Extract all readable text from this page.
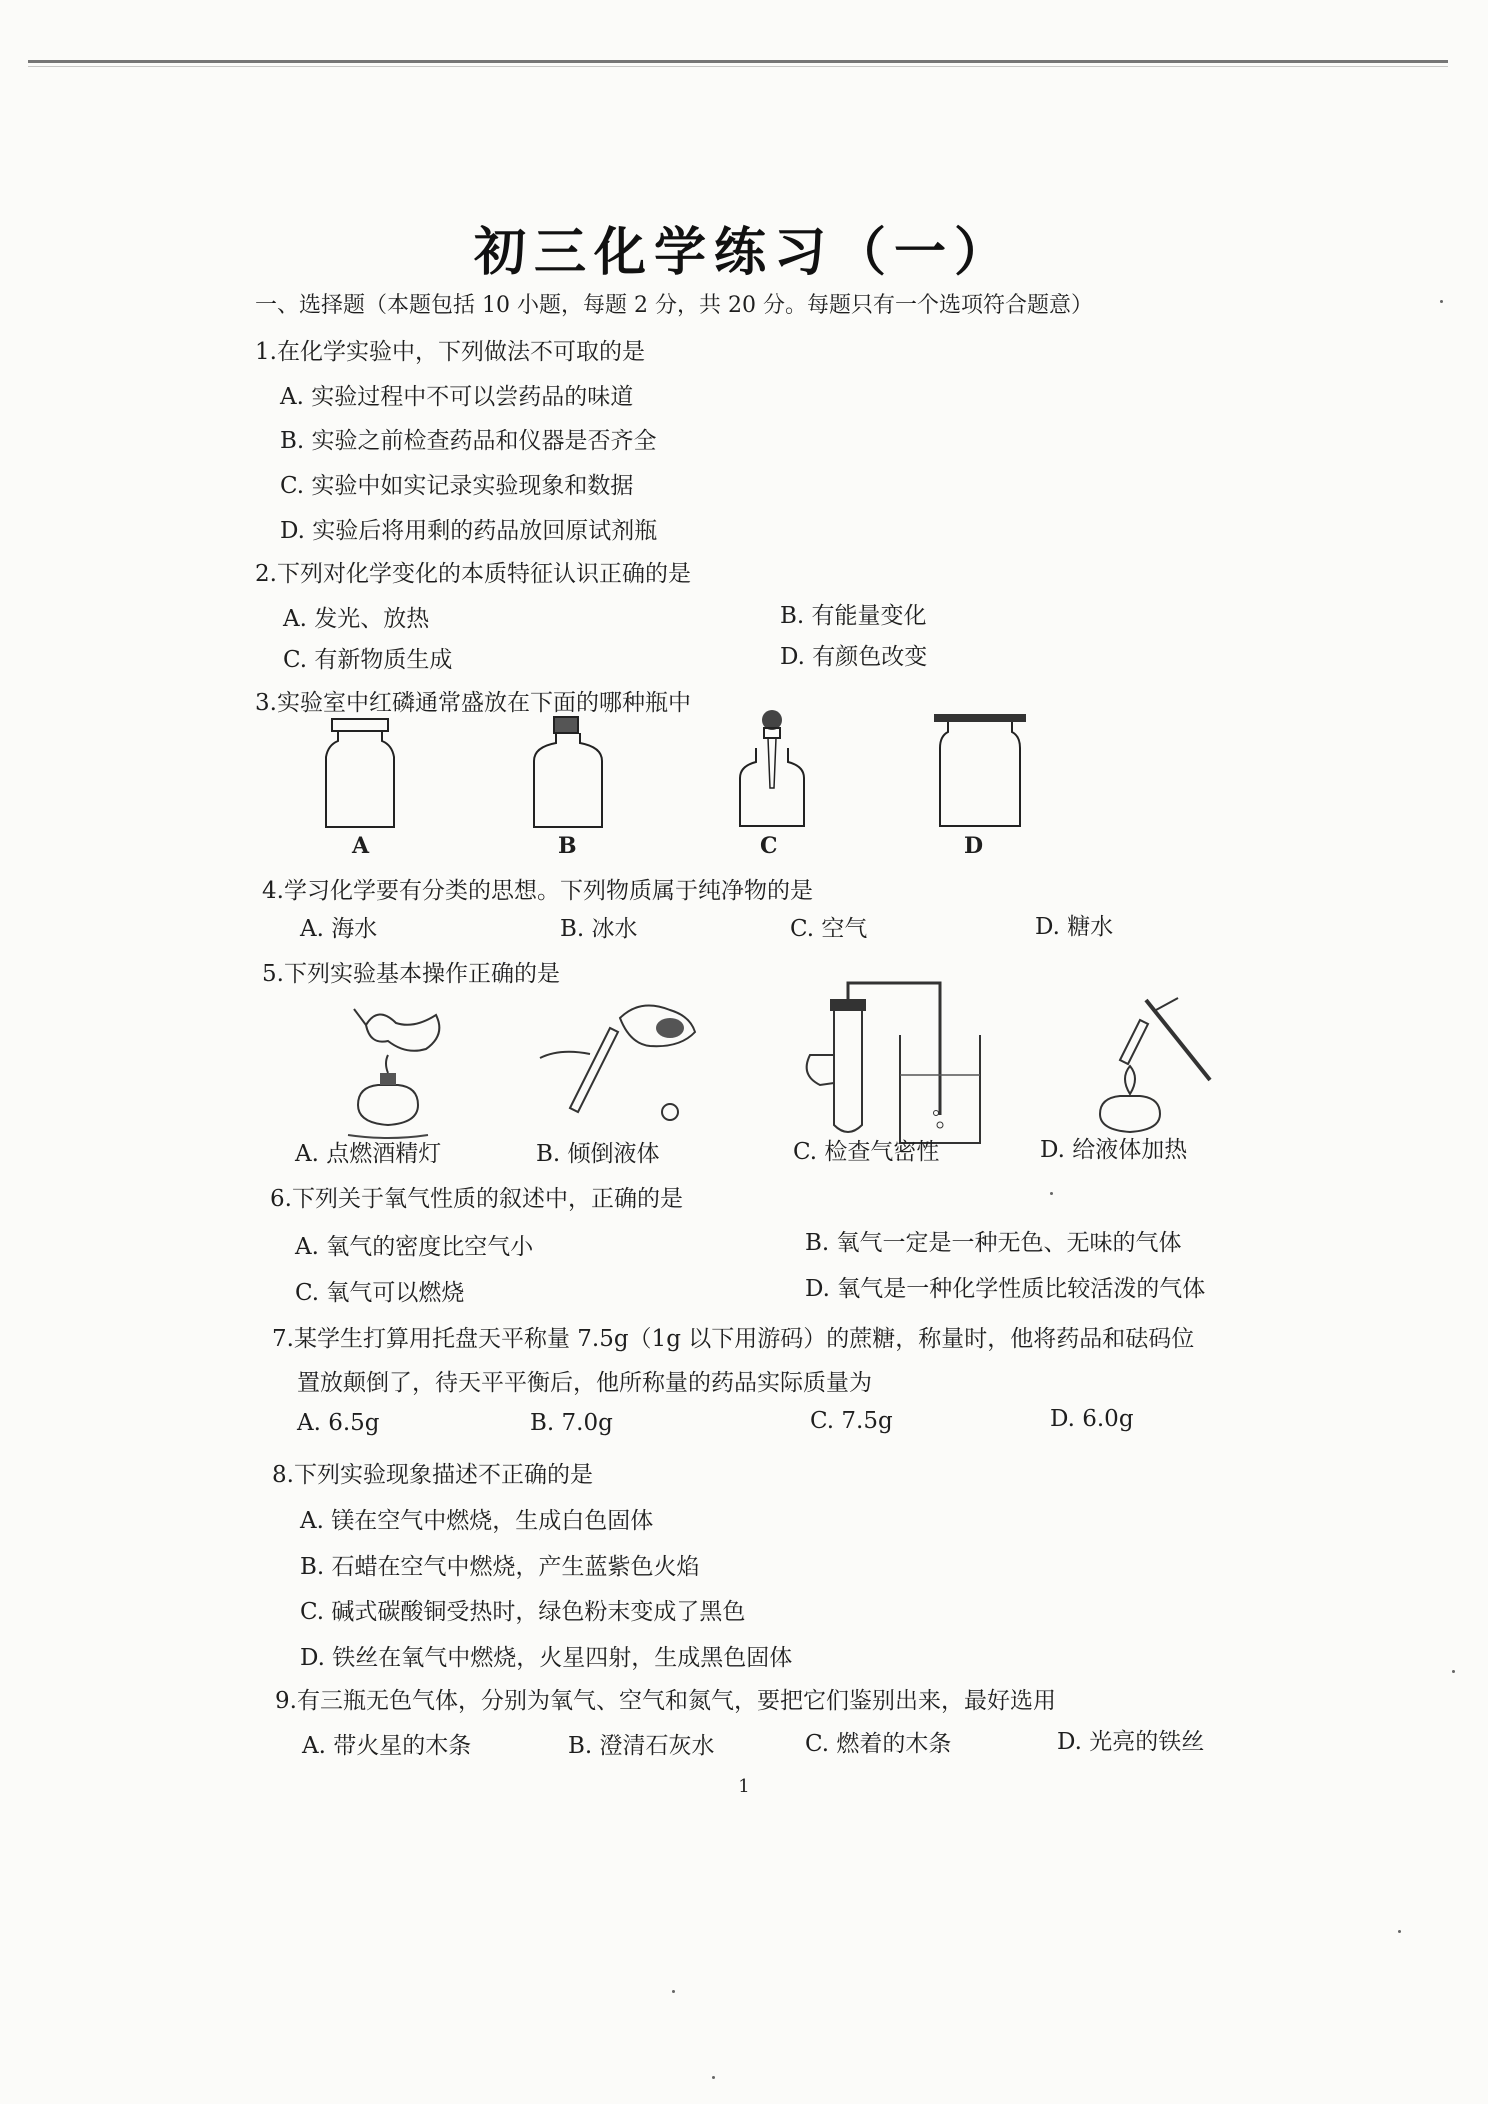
初三化学练习（一）
一、选择题（本题包括 10 小题，每题 2 分，共 20 分。每题只有一个选项符合题意）
1.在化学实验中，下列做法不可取的是
A. 实验过程中不可以尝药品的味道
B. 实验之前检查药品和仪器是否齐全
C. 实验中如实记录实验现象和数据
D. 实验后将用剩的药品放回原试剂瓶
2.下列对化学变化的本质特征认识正确的是
A. 发光、放热	B. 有能量变化
C. 有新物质生成	D. 有颜色改变
3.实验室中红磷通常盛放在下面的哪种瓶中
A	B	C	D
4.学习化学要有分类的思想。下列物质属于纯净物的是
A. 海水	B. 冰水	C. 空气	D. 糖水
5.下列实验基本操作正确的是
A. 点燃酒精灯	B. 倾倒液体	C. 检查气密性	D. 给液体加热
6.下列关于氧气性质的叙述中，正确的是
A. 氧气的密度比空气小	B. 氧气一定是一种无色、无味的气体
C. 氧气可以燃烧	D. 氧气是一种化学性质比较活泼的气体
7.某学生打算用托盘天平称量 7.5g（1g 以下用游码）的蔗糖，称量时，他将药品和砝码位
置放颠倒了，待天平平衡后，他所称量的药品实际质量为
A. 6.5g	B. 7.0g	C. 7.5g	D. 6.0g
8.下列实验现象描述不正确的是
A. 镁在空气中燃烧，生成白色固体
B. 石蜡在空气中燃烧，产生蓝紫色火焰
C. 碱式碳酸铜受热时，绿色粉末变成了黑色
D. 铁丝在氧气中燃烧，火星四射，生成黑色固体
9.有三瓶无色气体，分别为氧气、空气和氮气，要把它们鉴别出来，最好选用
A. 带火星的木条	B. 澄清石灰水	C. 燃着的木条	D. 光亮的铁丝
1
